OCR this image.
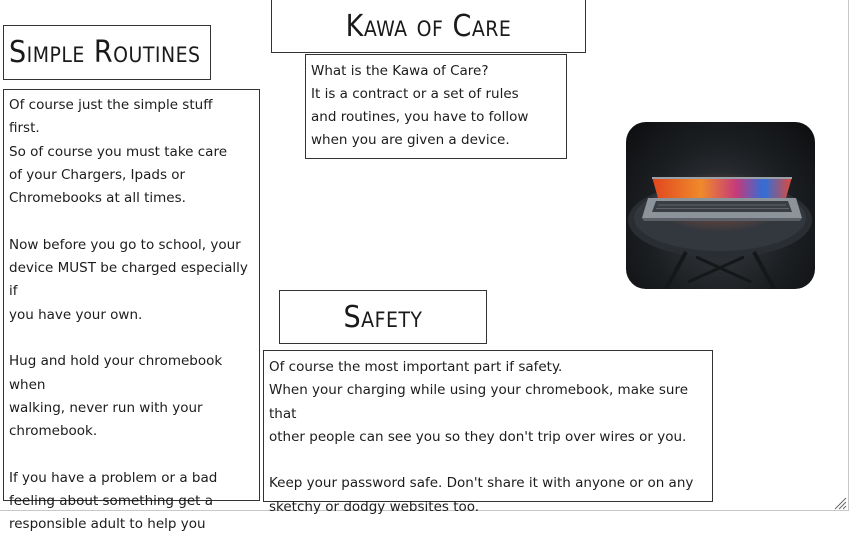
Kawa of Care
What is the Kawa of Care?
It is a contract or a set of rules
and routines, you have to follow
when you are given a device.
Simple Routines
Of course just the simple stuff
first.
So of course you must take care
of your Chargers, Ipads or
Chromebooks at all times.

Now before you go to school, your
device MUST be charged especially if
you have your own.

Hug and hold your chromebook when
walking, never run with your
chromebook.

If you have a problem or a bad
feeling about something get a
responsible adult to help you
Safety
Of course the most important part if safety.
When your charging while using your chromebook, make sure that
other people can see you so they don't trip over wires or you.

Keep your password safe. Don't share it with anyone or on any
sketchy or dodgy websites too.
